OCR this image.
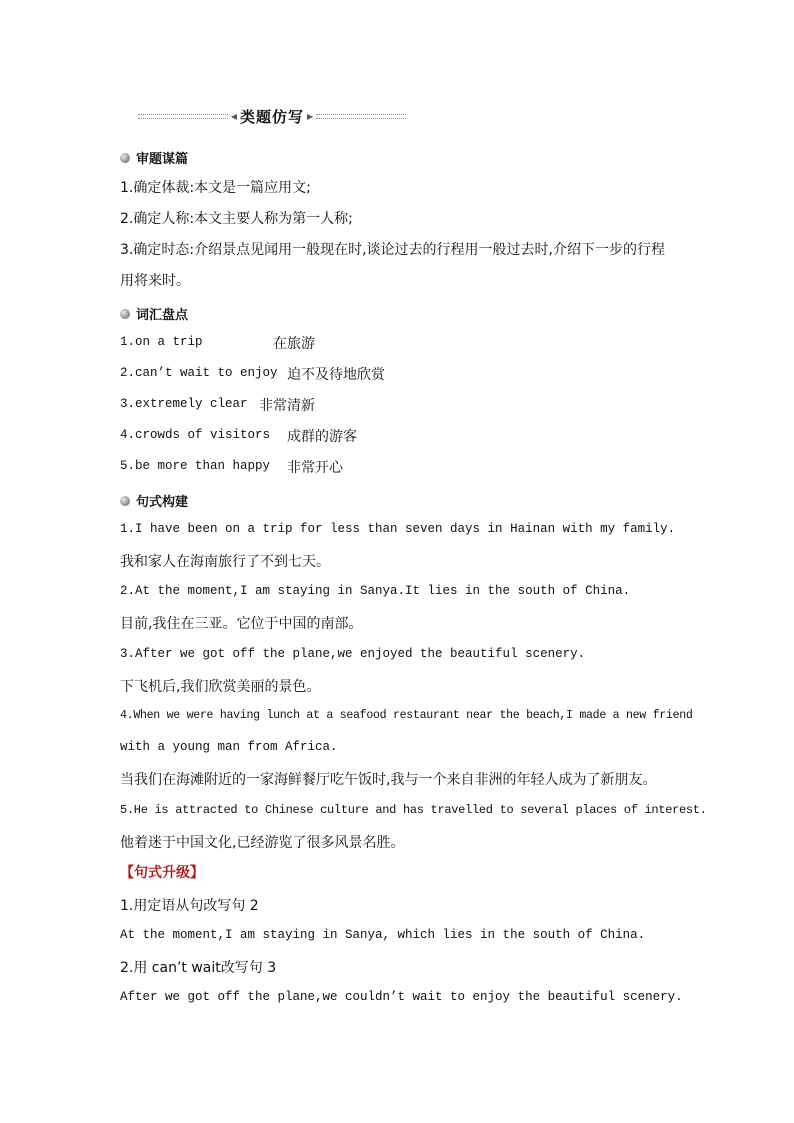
◀ 类题仿写 ▶
审题谋篇
1.确定体裁:本文是一篇应用文;
2.确定人称:本文主要人称为第一人称;
3.确定时态:介绍景点见闻用一般现在时,谈论过去的行程用一般过去时,介绍下一步的行程
用将来时。
词汇盘点
1.on a trip	在旅游
2.can’t wait to enjoy 迫不及待地欣赏
3.extremely clear 非常清新
4.crowds of visitors 成群的游客
5.be more than happy 非常开心
句式构建
1.I have been on a trip for less than seven days in Hainan with my family.
我和家人在海南旅行了不到七天。
2.At the moment,I am staying in Sanya.It lies in the south of China.
目前,我住在三亚。它位于中国的南部。
3.After we got off the plane,we enjoyed the beautiful scenery.
下飞机后,我们欣赏美丽的景色。
4.When we were having lunch at a seafood restaurant near the beach,I made a new friend
with a young man from Africa.
当我们在海滩附近的一家海鲜餐厅吃午饭时,我与一个来自非洲的年轻人成为了新朋友。
5.He is attracted to Chinese culture and has travelled to several places of interest.
他着迷于中国文化,已经游览了很多风景名胜。
【句式升级】
1.用定语从句改写句 2
At the moment,I am staying in Sanya, which lies in the south of China.
2.用 can’t wait改写句 3
After we got off the plane,we couldn’t wait to enjoy the beautiful scenery.
